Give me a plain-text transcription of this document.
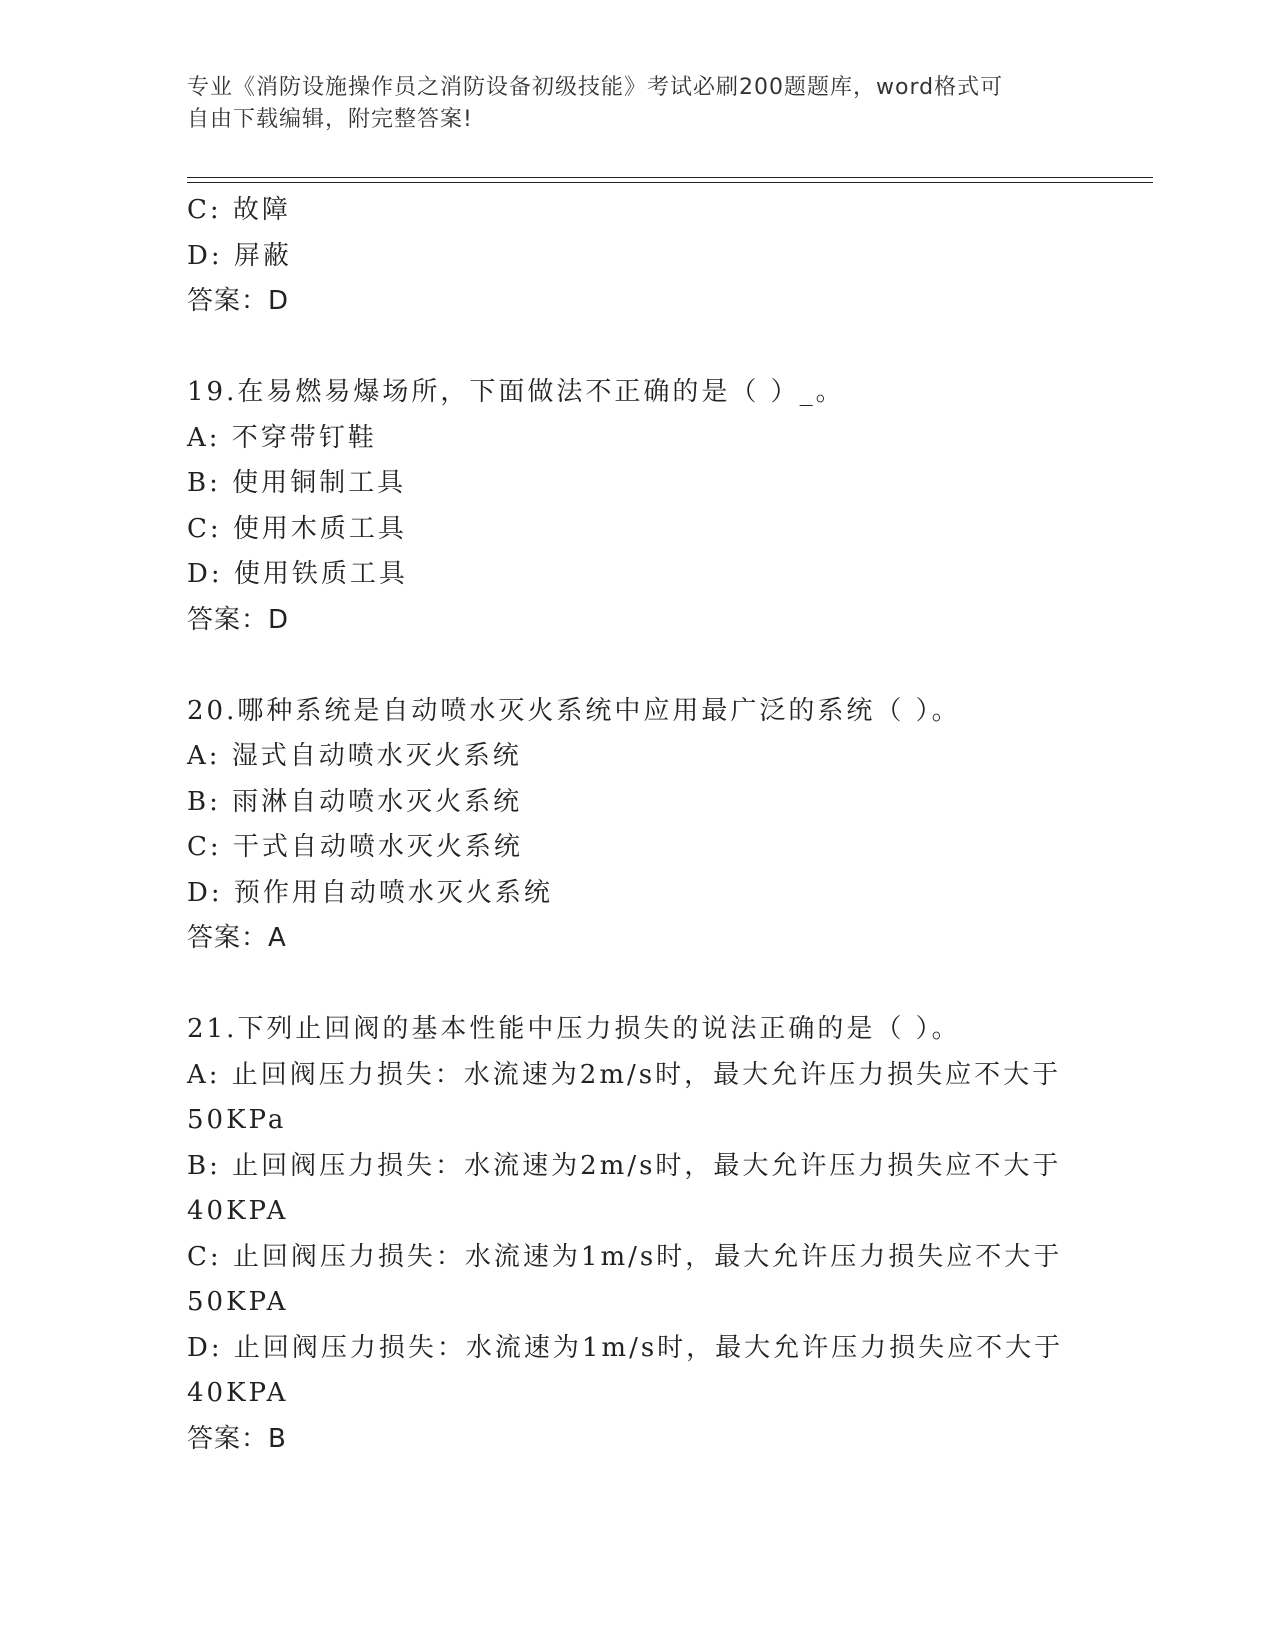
专业《消防设施操作员之消防设备初级技能》考试必刷200题题库，word格式可
自由下载编辑，附完整答案!
C: 故障
D: 屏蔽
答案：D
19.在易燃易爆场所，下面做法不正确的是（ ）_。
A: 不穿带钉鞋
B: 使用铜制工具
C: 使用木质工具
D: 使用铁质工具
答案：D
20.哪种系统是自动喷水灭火系统中应用最广泛的系统（ ）。
A: 湿式自动喷水灭火系统
B: 雨淋自动喷水灭火系统
C: 干式自动喷水灭火系统
D: 预作用自动喷水灭火系统
答案：A
21.下列止回阀的基本性能中压力损失的说法正确的是（ ）。
A: 止回阀压力损失：水流速为2m/s时，最大允许压力损失应不大于
50KPa
B: 止回阀压力损失：水流速为2m/s时，最大允许压力损失应不大于
40KPA
C: 止回阀压力损失：水流速为1m/s时，最大允许压力损失应不大于
50KPA
D: 止回阀压力损失：水流速为1m/s时，最大允许压力损失应不大于
40KPA
答案：B
